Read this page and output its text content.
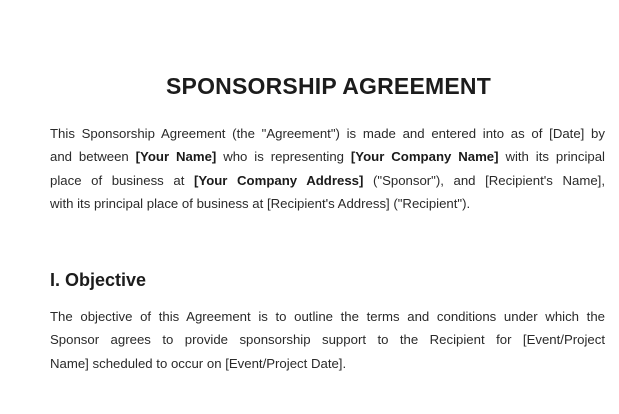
SPONSORSHIP AGREEMENT

This Sponsorship Agreement (the "Agreement") is made and entered into as of [Date] by
and between [Your Name] who is representing [Your Company Name] with its principal
place of business at [Your Company Address] ("Sponsor"), and [Recipient's Name],
with its principal place of business at [Recipient's Address] ("Recipient").

I. Objective

The objective of this Agreement is to outline the terms and conditions under which the
Sponsor agrees to provide sponsorship support to the Recipient for [Event/Project
Name] scheduled to occur on [Event/Project Date].
